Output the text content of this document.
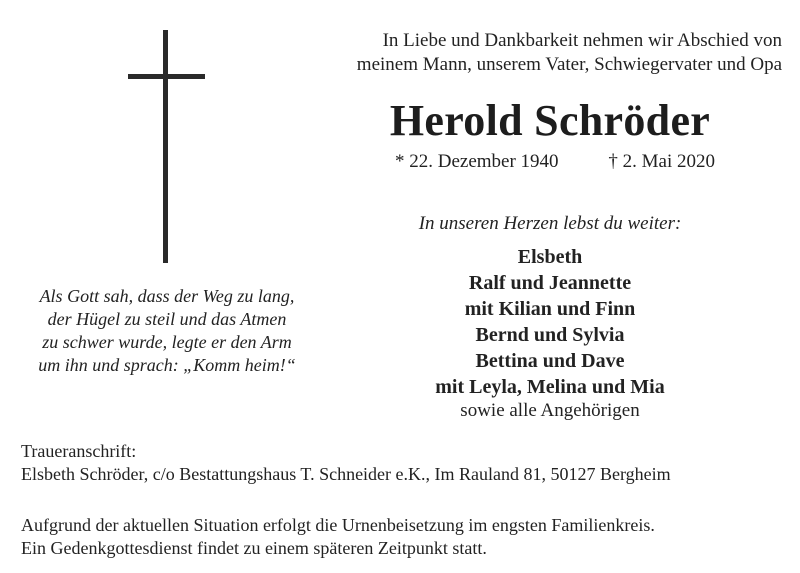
In Liebe und Dankbarkeit nehmen wir Abschied von
meinem Mann, unserem Vater, Schwiegervater und Opa
Herold Schröder
* 22. Dezember 1940	† 2. Mai 2020
In unseren Herzen lebst du weiter:
Elsbeth
Ralf und Jeannette
mit Kilian und Finn
Bernd und Sylvia
Bettina und Dave
mit Leyla, Melina und Mia
sowie alle Angehörigen
Als Gott sah, dass der Weg zu lang,
der Hügel zu steil und das Atmen
zu schwer wurde, legte er den Arm
um ihn und sprach: „Komm heim!“
Traueranschrift:
Elsbeth Schröder, c/o Bestattungshaus T. Schneider e.K., Im Rauland 81, 50127 Bergheim
Aufgrund der aktuellen Situation erfolgt die Urnenbeisetzung im engsten Familienkreis.
Ein Gedenkgottesdienst findet zu einem späteren Zeitpunkt statt.
